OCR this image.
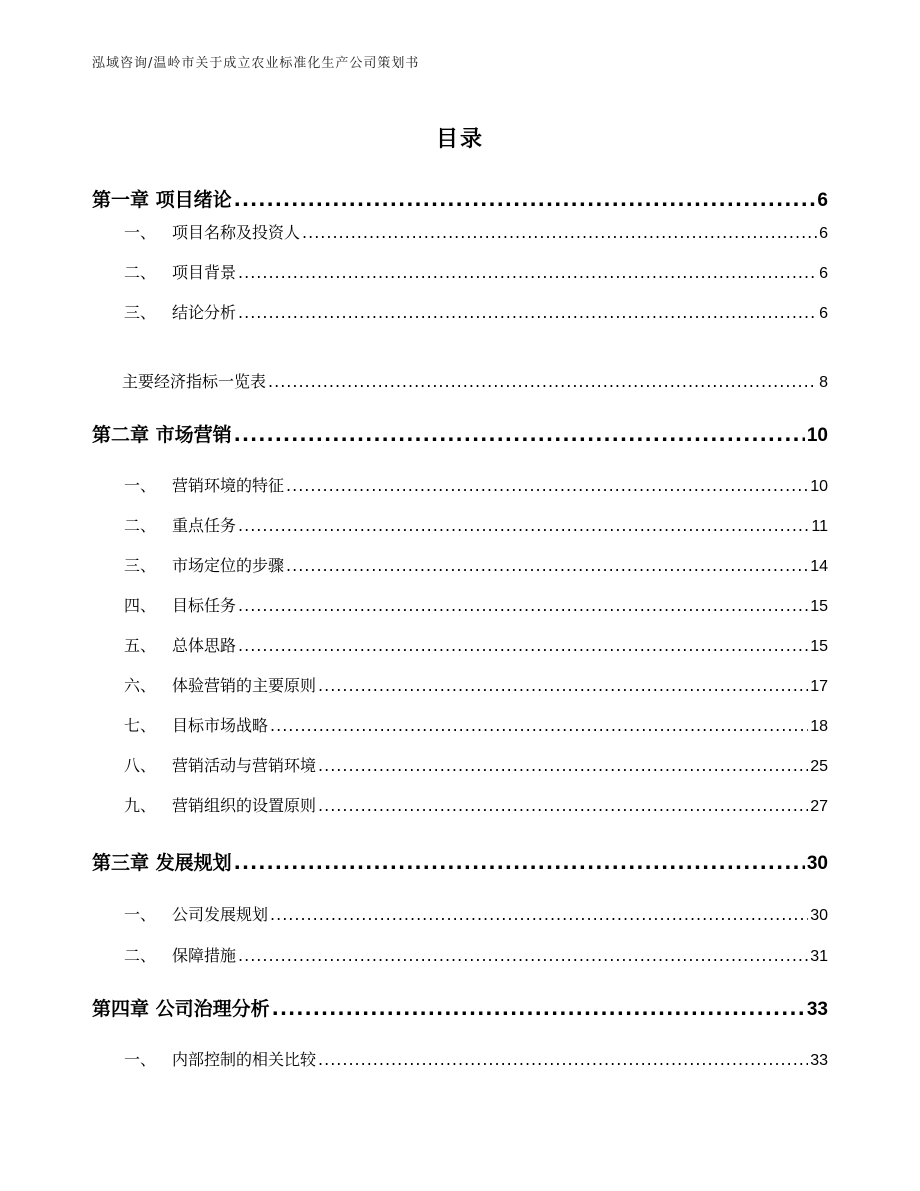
泓域咨询/温岭市关于成立农业标准化生产公司策划书
目录
第一章 项目绪论 .....	6
一、 项目名称及投资人 .....	6
二、 项目背景 .....	6
三、 结论分析 .....	6
主要经济指标一览表 .....	8
第二章 市场营销 .....	10
一、 营销环境的特征 .....	10
二、 重点任务 .....	11
三、 市场定位的步骤 .....	14
四、 目标任务 .....	15
五、 总体思路 .....	15
六、 体验营销的主要原则 .....	17
七、 目标市场战略 .....	18
八、 营销活动与营销环境 .....	25
九、 营销组织的设置原则 .....	27
第三章 发展规划 .....	30
一、 公司发展规划 .....	30
二、 保障措施 .....	31
第四章 公司治理分析 .....	33
一、 内部控制的相关比较 .....	33
